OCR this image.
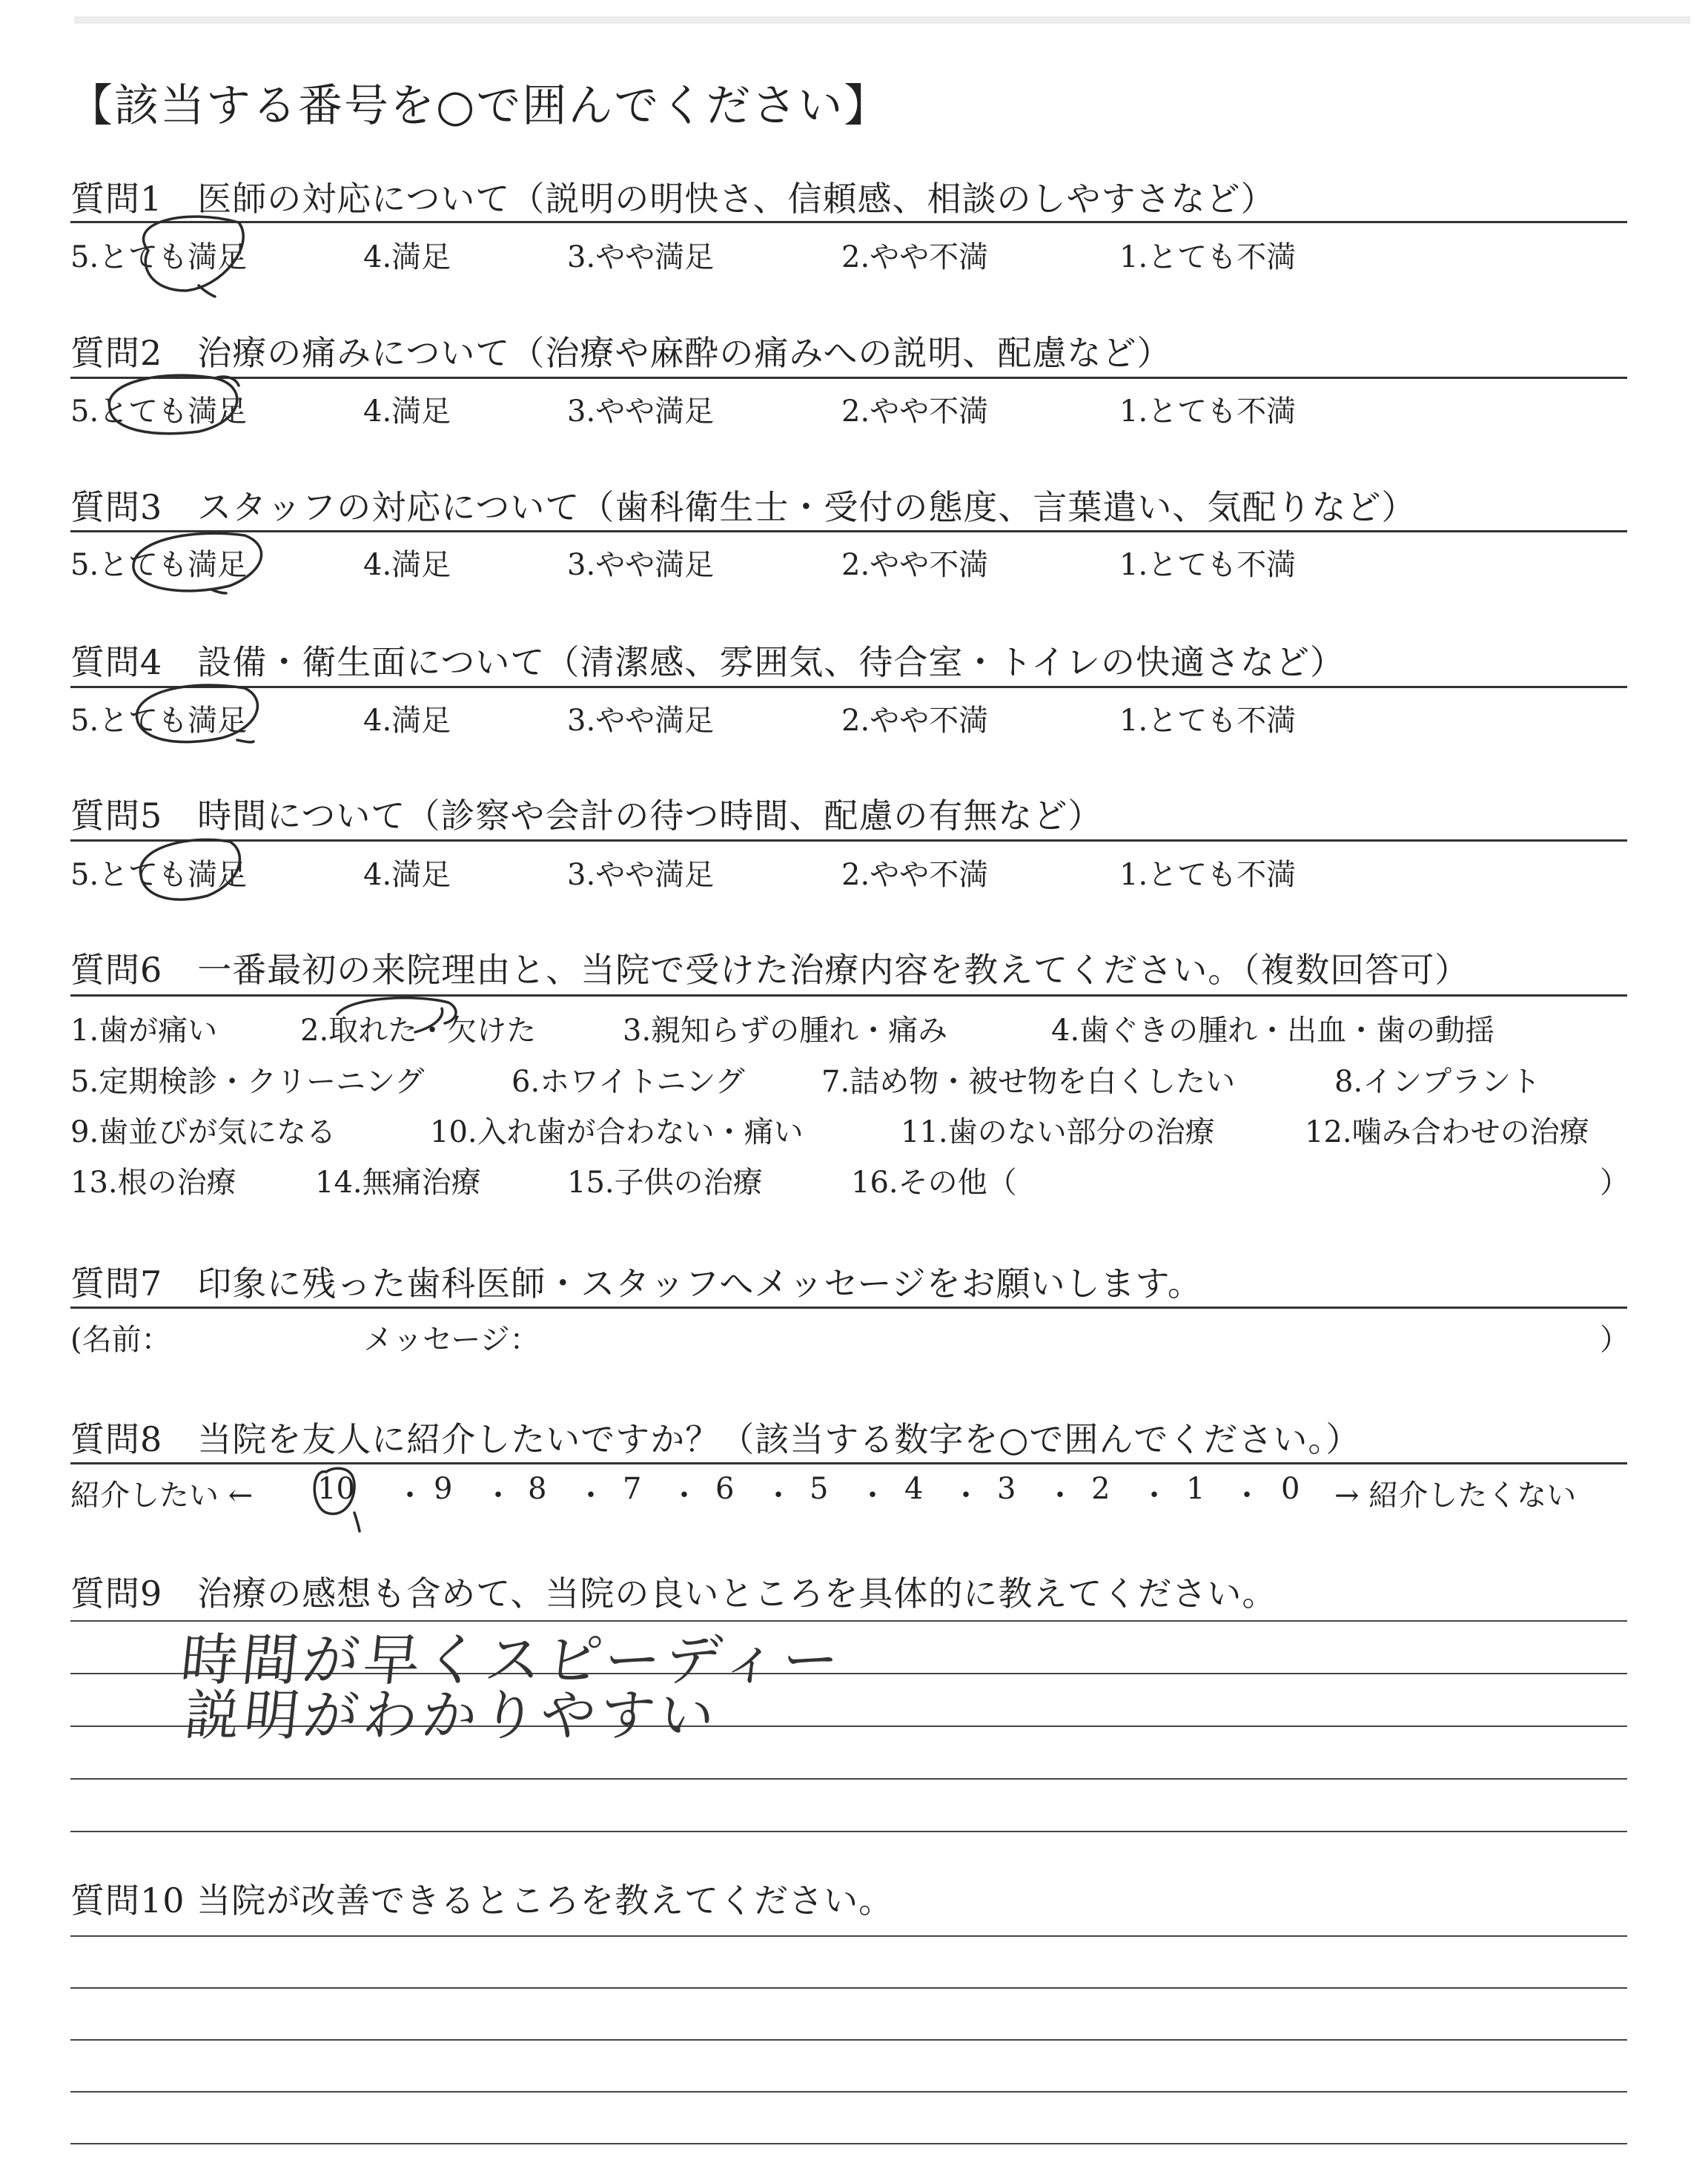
【該当する番号を○で囲んでください】
質問1　医師の対応について（説明の明快さ、信頼感、相談のしやすさなど）
5.とても満足	4.満足	3.やや満足	2.やや不満	1.とても不満
質問2　治療の痛みについて（治療や麻酔の痛みへの説明、配慮など）
5.とても満足	4.満足	3.やや満足	2.やや不満	1.とても不満
質問3　スタッフの対応について（歯科衛生士・受付の態度、言葉遣い、気配りなど）
5.とても満足	4.満足	3.やや満足	2.やや不満	1.とても不満
質問4　設備・衛生面について（清潔感、雰囲気、待合室・トイレの快適さなど）
5.とても満足	4.満足	3.やや満足	2.やや不満	1.とても不満
質問5　時間について（診察や会計の待つ時間、配慮の有無など）
5.とても満足	4.満足	3.やや満足	2.やや不満	1.とても不満
質問6　一番最初の来院理由と、当院で受けた治療内容を教えてください。（複数回答可）
1.歯が痛い	2.取れた・欠けた	3.親知らずの腫れ・痛み	4.歯ぐきの腫れ・出血・歯の動揺
5.定期検診・クリーニング	6.ホワイトニング	7.詰め物・被せ物を白くしたい	8.インプラント
9.歯並びが気になる	10.入れ歯が合わない・痛い	11.歯のない部分の治療	12.噛み合わせの治療
13.根の治療	14.無痛治療	15.子供の治療	16.その他（	）
質問7　印象に残った歯科医師・スタッフへメッセージをお願いします。
(名前：	メッセージ：	）
質問8　当院を友人に紹介したいですか？（該当する数字を○で囲んでください。）
紹介したい ← 10 ・ 9 ・ 8 ・ 7 ・ 6 ・ 5 ・ 4 ・ 3 ・ 2 ・ 1 ・ 0 → 紹介したくない
質問9　治療の感想も含めて、当院の良いところを具体的に教えてください。
時間が早くスピーディー
説明がわかりやすい
質問10 当院が改善できるところを教えてください。
